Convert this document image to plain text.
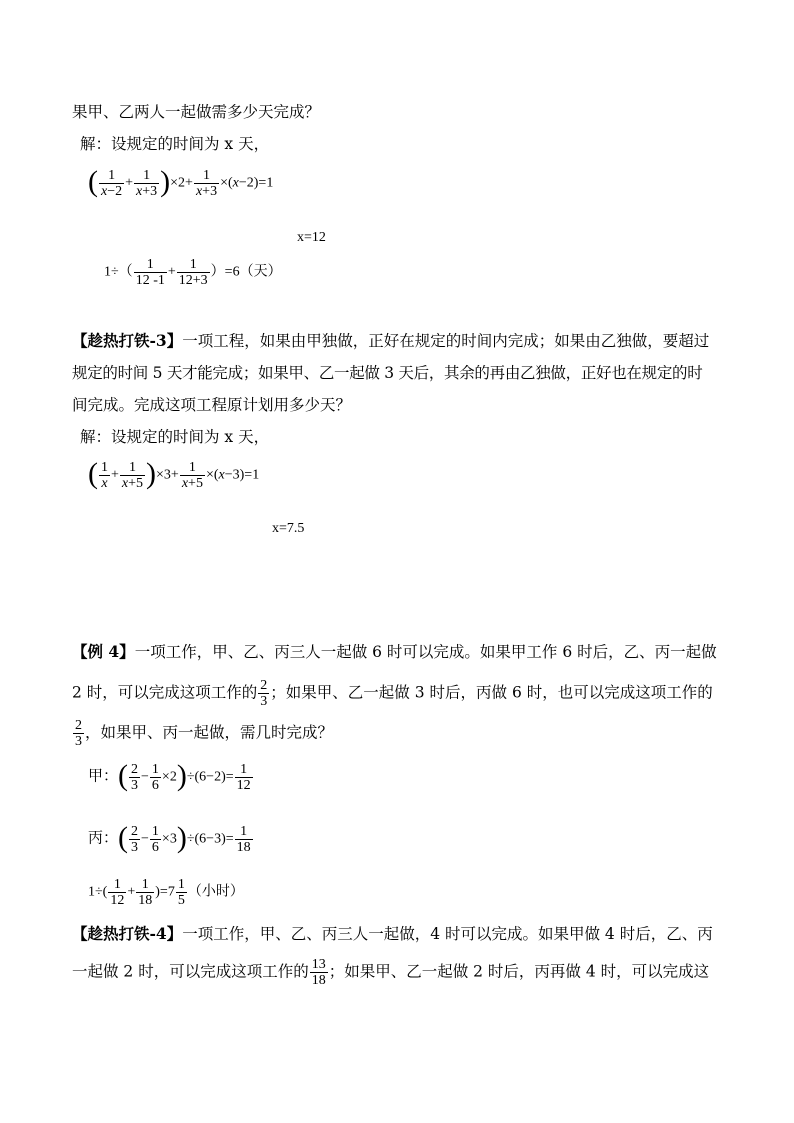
果甲、乙两人一起做需多少天完成？
解：设规定的时间为 x 天，
( $\frac{1}{x-2} + \frac{1}{x+3} )\times 2+ \frac{1}{x+3} \times(x-2)=1$
x=12
$1\div( \frac{1}{12 -1} + \frac{1}{12+3} )=6$（天）
【趁热打铁-3】一项工程，如果由甲独做，正好在规定的时间内完成；如果由乙独做，要超过
规定的时间 5 天才能完成；如果甲、乙一起做 3 天后，其余的再由乙独做，正好也在规定的时
间完成。完成这项工程原计划用多少天？
解：设规定的时间为 x 天，
( $\frac{1}{x} + \frac{1}{x+5} )\times 3+ \frac{1}{x+5} \times(x-3)=1$
x=7.5
【例 4】一项工作，甲、乙、丙三人一起做 6 时可以完成。如果甲工作 6 时后，乙、丙一起做
2 时，可以完成这项工作的 $\frac{2}{3}$ ；如果甲、乙一起做 3 时后，丙做 6 时，也可以完成这项工作的
$\frac{2}{3}$ ，如果甲、丙一起做，需几时完成？
甲：( $\frac{2}{3} - \frac{1}{6} \times 2)\div(6-2)= \frac{1}{12}$
丙：( $\frac{2}{3} - \frac{1}{6} \times 3)\div(6-3)= \frac{1}{18}$
$1\div( \frac{1}{12} + \frac{1}{18} )=7 \frac{1}{5}$ （小时）
【趁热打铁-4】一项工作，甲、乙、丙三人一起做，4 时可以完成。如果甲做 4 时后，乙、丙
一起做 2 时，可以完成这项工作的 $\frac{13}{18}$ ；如果甲、乙一起做 2 时后，丙再做 4 时，可以完成这
